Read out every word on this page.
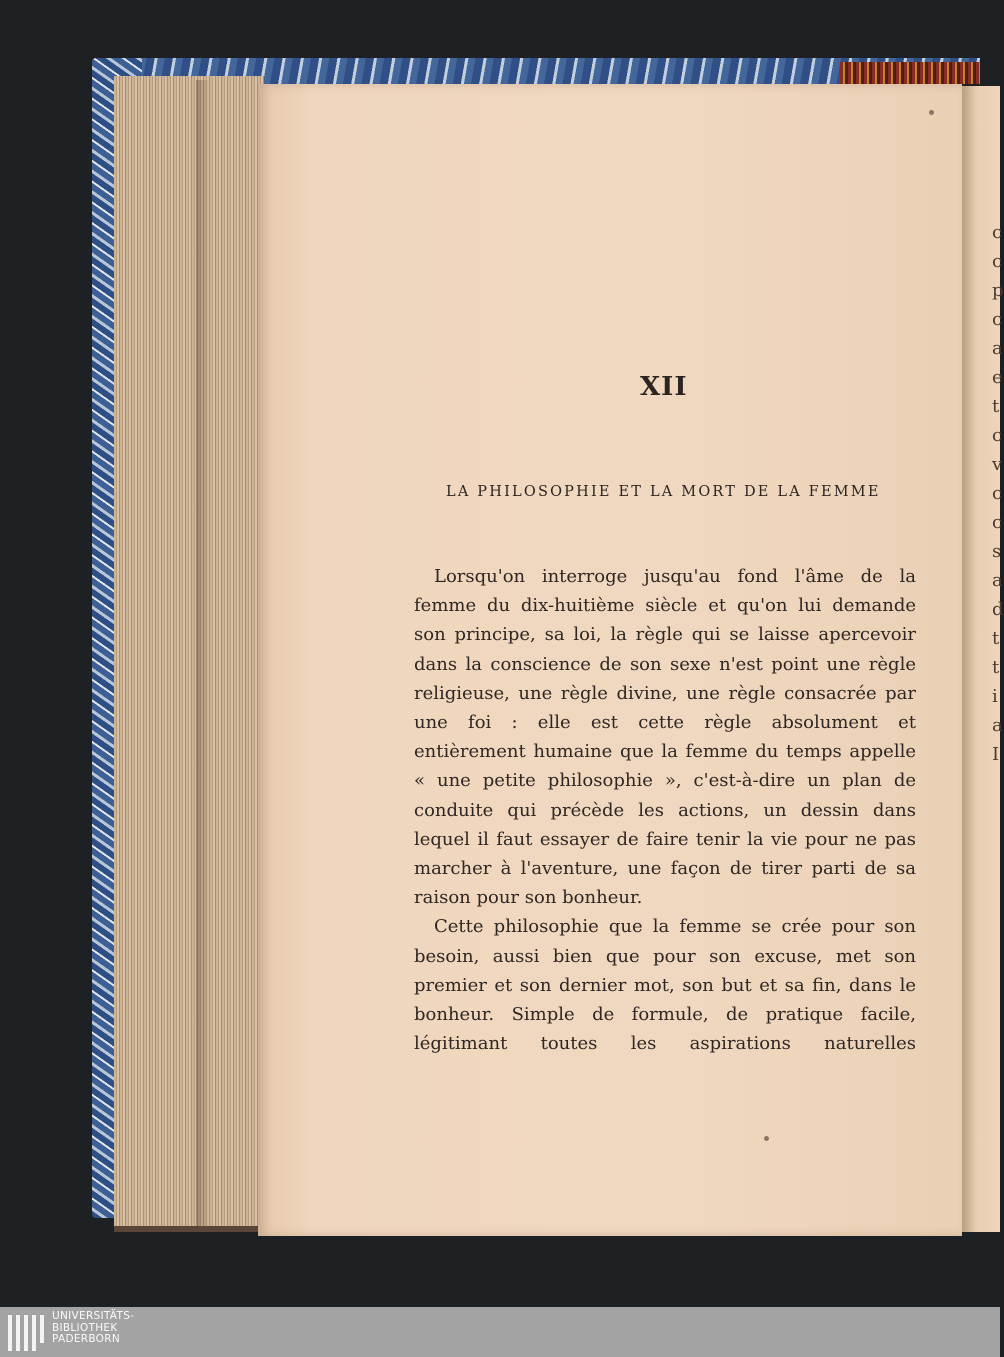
c
c
p
c
a
e
t
c
v
c
c
s
a
d
t
t
i
a
I
XII
LA PHILOSOPHIE ET LA MORT DE LA FEMME

Lorsqu'on interroge jusqu'au fond l'âme de la femme du dix-huitième siècle et qu'on lui demande son principe, sa loi, la règle qui se laisse apercevoir dans la conscience de son sexe n'est point une règle religieuse, une règle divine, une règle consacrée par une foi : elle est cette règle absolument et entièrement humaine que la femme du temps appelle « une petite philosophie », c'est-à-dire un plan de conduite qui précède les actions, un dessin dans lequel il faut essayer de faire tenir la vie pour ne pas marcher à l'aventure, une façon de tirer parti de sa raison pour son bonheur.

Cette philosophie que la femme se crée pour son besoin, aussi bien que pour son excuse, met son premier et son dernier mot, son but et sa fin, dans le bonheur. Simple de formule, de pratique facile, légitimant toutes les aspirations naturelles

UNIVERSITÄTS-
BIBLIOTHEK
PADERBORN
